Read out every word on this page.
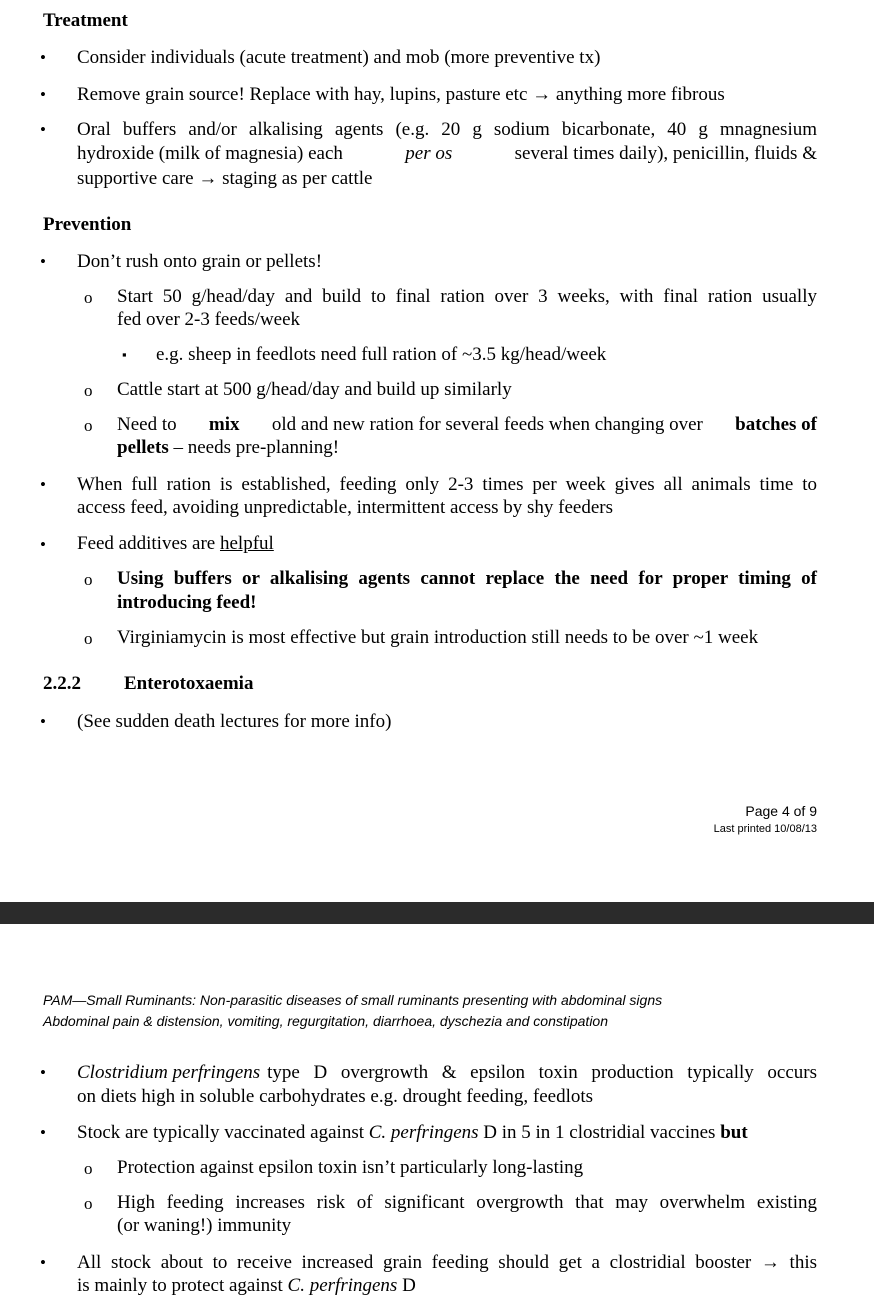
Treatment
• Consider individuals (acute treatment) and mob (more preventive tx)
• Remove grain source! Replace with hay, lupins, pasture etc → anything more fibrous
• Oral buffers and/or alkalising agents (e.g. 20 g sodium bicarbonate, 40 g mnagnesium
hydroxide (milk of magnesia) each	per os	several times daily), penicillin, fluids &
supportive care → staging as per cattle
Prevention
• Don’t rush onto grain or pellets!
o Start 50 g/head/day and build to final ration over 3 weeks, with final ration usually
fed over 2-3 feeds/week
▪ e.g. sheep in feedlots need full ration of ~3.5 kg/head/week
o Cattle start at 500 g/head/day and build up similarly
o Need to mix old and new ration for several feeds when changing over batches of
pellets – needs pre-planning!
• When full ration is established, feeding only 2-3 times per week gives all animals time to
access feed, avoiding unpredictable, intermittent access by shy feeders
• Feed additives are helpful
o Using buffers or alkalising agents cannot replace the need for proper timing of
introducing feed!
o Virginiamycin is most effective but grain introduction still needs to be over ~1 week
2.2.2 Enterotoxaemia
• (See sudden death lectures for more info)
Page 4 of 9
Last printed 10/08/13
PAM—Small Ruminants: Non-parasitic diseases of small ruminants presenting with abdominal signs
Abdominal pain & distension, vomiting, regurgitation, diarrhoea, dyschezia and constipation
• Clostridium perfringens type D overgrowth & epsilon toxin production typically occurs
on diets high in soluble carbohydrates e.g. drought feeding, feedlots
• Stock are typically vaccinated against C. perfringens D in 5 in 1 clostridial vaccines but
o Protection against epsilon toxin isn’t particularly long-lasting
o High feeding increases risk of significant overgrowth that may overwhelm existing
(or waning!) immunity
• All stock about to receive increased grain feeding should get a clostridial booster → this
is mainly to protect against C. perfringens D
